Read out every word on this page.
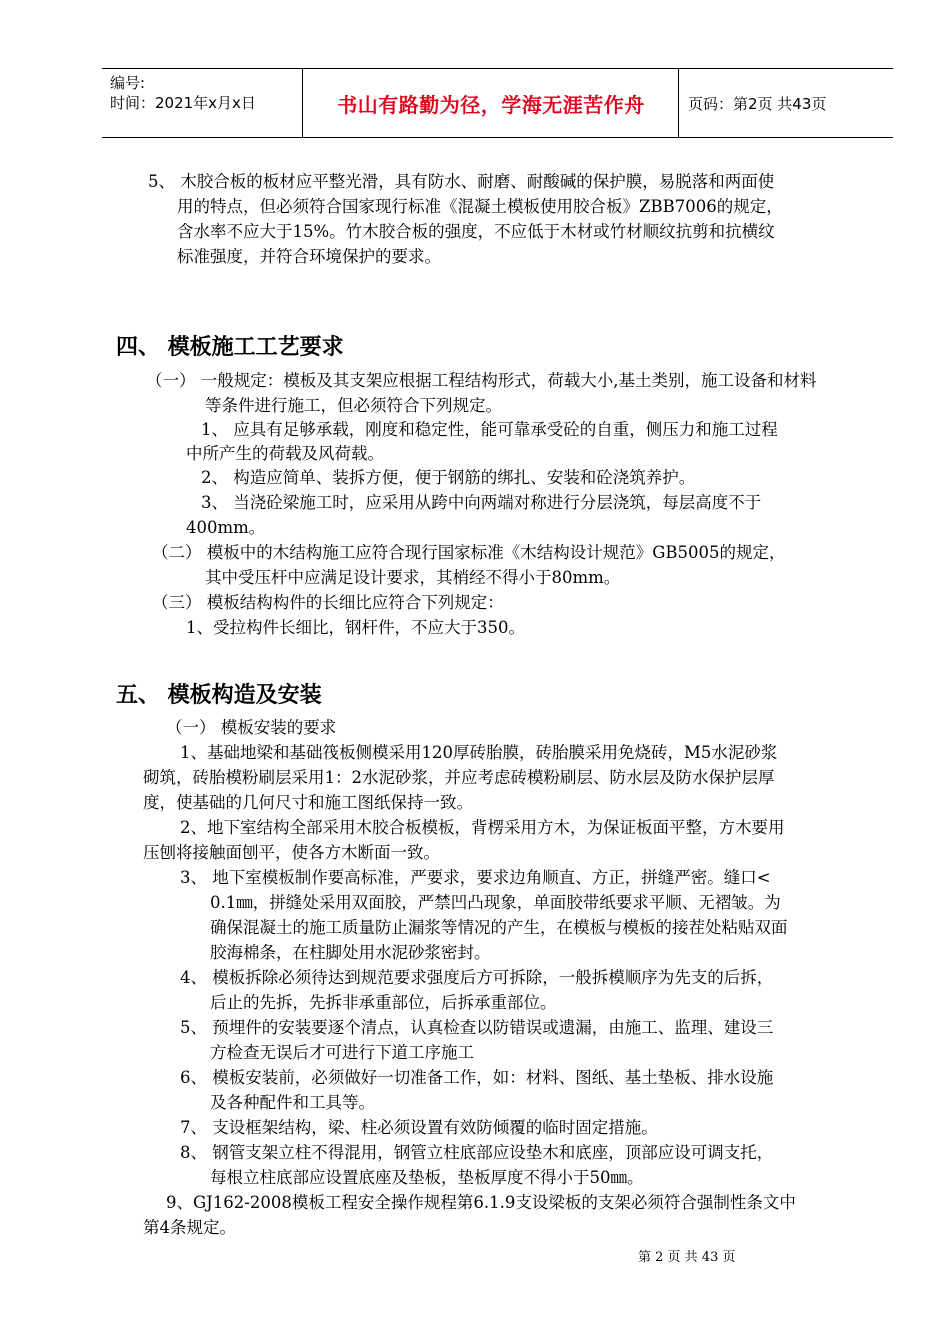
编号:
时间：2021年x月x日	书山有路勤为径，学海无涯苦作舟	页码：第2页 共43页
5、 木胶合板的板材应平整光滑，具有防水、耐磨、耐酸碱的保护膜，易脱落和两面使
用的特点，但必须符合国家现行标准《混凝土模板使用胶合板》ZBB7006的规定，
含水率不应大于15%。竹木胶合板的强度，不应低于木材或竹材顺纹抗剪和抗横纹
标准强度，并符合环境保护的要求。
四、 模板施工工艺要求
（一） 一般规定：模板及其支架应根据工程结构形式，荷载大小,基土类别，施工设备和材料
等条件进行施工，但必须符合下列规定。
1、 应具有足够承载，刚度和稳定性，能可靠承受砼的自重，侧压力和施工过程
中所产生的荷载及风荷载。
2、 构造应简单、装拆方便，便于钢筋的绑扎、安装和砼浇筑养护。
3、 当浇砼梁施工时，应采用从跨中向两端对称进行分层浇筑，每层高度不于
400mm。
（二） 模板中的木结构施工应符合现行国家标准《木结构设计规范》GB5005的规定，
其中受压杆中应满足设计要求，其梢经不得小于80mm。
（三） 模板结构构件的长细比应符合下列规定：
1、受拉构件长细比，钢杆件，不应大于350。
五、 模板构造及安装
（一） 模板安装的要求
1、基础地梁和基础筏板侧模采用120厚砖胎膜，砖胎膜采用免烧砖，M5水泥砂浆
砌筑，砖胎模粉刷层采用1：2水泥砂浆，并应考虑砖模粉刷层、防水层及防水保护层厚
度，使基础的几何尺寸和施工图纸保持一致。
2、地下室结构全部采用木胶合板模板，背楞采用方木，为保证板面平整，方木要用
压刨将接触面刨平，使各方木断面一致。
3、 地下室模板制作要高标准，严要求，要求边角顺直、方正，拼缝严密。缝口<
0.1㎜，拼缝处采用双面胶，严禁凹凸现象，单面胶带纸要求平顺、无褶皱。为
确保混凝土的施工质量防止漏浆等情况的产生，在模板与模板的接茬处粘贴双面
胶海棉条，在柱脚处用水泥砂浆密封。
4、 模板拆除必须待达到规范要求强度后方可拆除，一般拆模顺序为先支的后拆，
后止的先拆，先拆非承重部位，后拆承重部位。
5、 预埋件的安装要逐个清点，认真检查以防错误或遗漏，由施工、监理、建设三
方检查无误后才可进行下道工序施工
6、 模板安装前，必须做好一切准备工作，如：材料、图纸、基土垫板、排水设施
及各种配件和工具等。
7、 支设框架结构，梁、柱必须设置有效防倾覆的临时固定措施。
8、 钢管支架立柱不得混用，钢管立柱底部应设垫木和底座，顶部应设可调支托，
每根立柱底部应设置底座及垫板，垫板厚度不得小于50㎜。
9、GJ162-2008模板工程安全操作规程第6.1.9支设梁板的支架必须符合强制性条文中
第4条规定。
第 2 页 共 43 页
